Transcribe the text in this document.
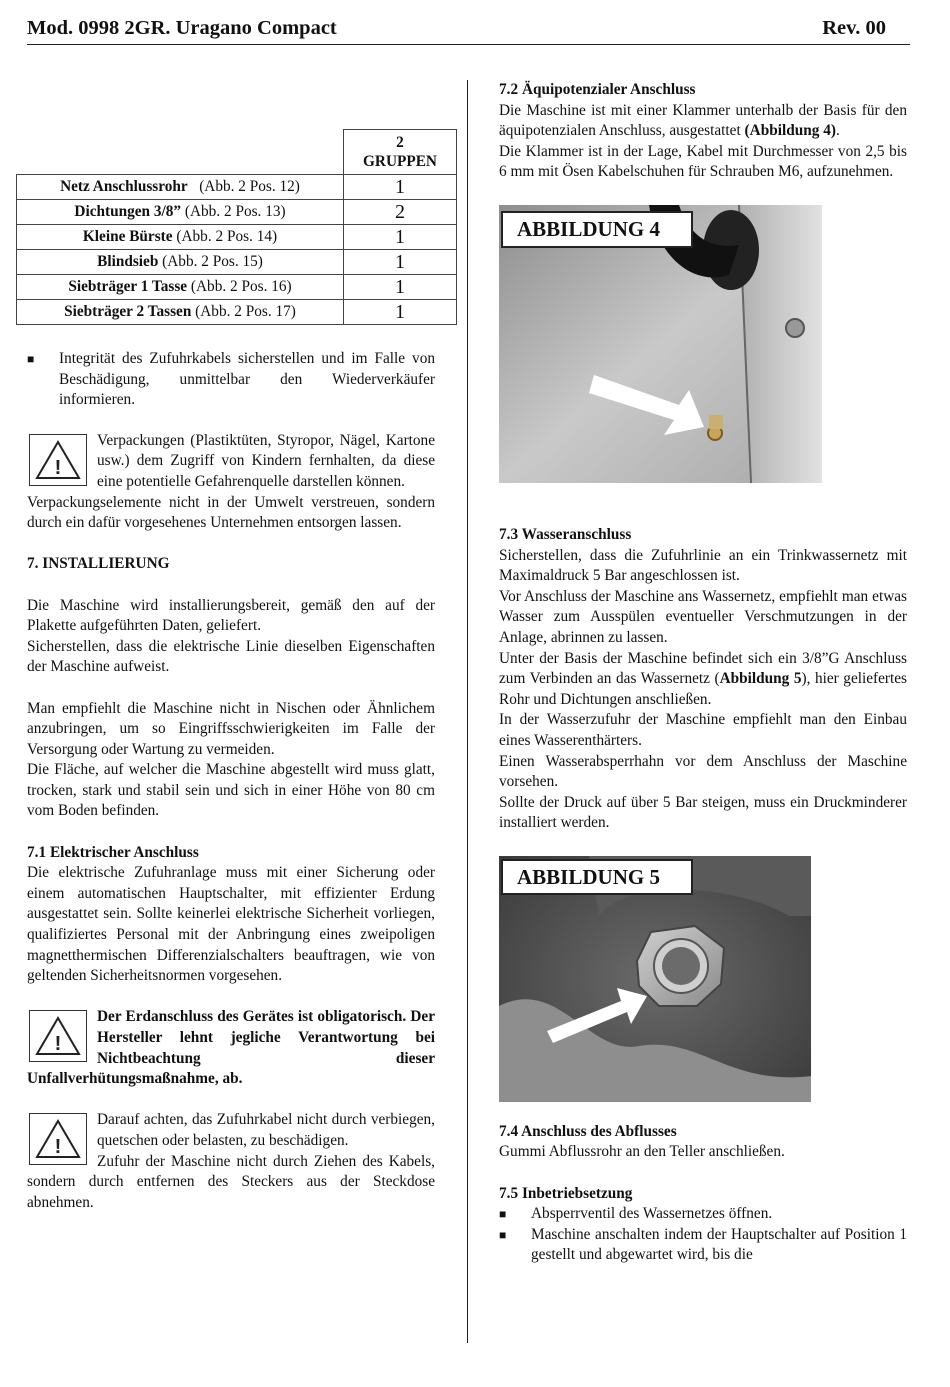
Mod. 0998 2GR. Uragano Compact	Rev. 00

	2
GRUPPEN

Netz Anschlussrohr   (Abb. 2 Pos. 12)	1
Dichtungen 3/8” (Abb. 2 Pos. 13)	2
Kleine Bürste (Abb. 2 Pos. 14)	1
Blindsieb (Abb. 2 Pos. 15)	1
Siebträger 1 Tasse (Abb. 2 Pos. 16)	1
Siebträger 2 Tassen (Abb. 2 Pos. 17)	1
■	Integrität des Zufuhrkabels sicherstellen und im Falle von Beschädigung, unmittelbar den Wiederverkäufer informieren.
!

Verpackungen (Plastiktüten, Styropor, Nägel, Kartone usw.) dem Zugriff von Kindern fernhalten, da diese eine potentielle Gefahrenquelle darstellen können.

Verpackungselemente nicht in der Umwelt verstreuen, sondern durch ein dafür vorgesehenes Unternehmen entsorgen lassen.

7. INSTALLIERUNG

Die Maschine wird installierungsbereit, gemäß den auf der Plakette aufgeführten Daten, geliefert.

Sicherstellen, dass die elektrische Linie dieselben Eigenschaften der Maschine aufweist.

Man empfiehlt die Maschine nicht in Nischen oder Ähnlichem anzubringen, um so Eingriffsschwierigkeiten im Falle der Versorgung oder Wartung zu vermeiden.

Die Fläche, auf welcher die Maschine abgestellt wird muss glatt, trocken, stark und stabil sein und sich in einer Höhe von 80 cm vom Boden befinden.

7.1 Elektrischer Anschluss

Die elektrische Zufuhranlage muss mit einer Sicherung oder einem automatischen Hauptschalter, mit effizienter Erdung ausgestattet sein. Sollte keinerlei elektrische Sicherheit vorliegen, qualifiziertes Personal mit der Anbringung eines zweipoligen magnetthermischen Differenzialschalters beauftragen, wie von geltenden Sicherheitsnormen vorgesehen.

!

Der Erdanschluss des Gerätes ist obligatorisch. Der Hersteller lehnt jegliche Verantwortung bei Nichtbeachtung dieser Unfallverhütungsmaßnahme, ab.

!

Darauf achten, das Zufuhrkabel nicht durch verbiegen, quetschen oder belasten, zu beschädigen.

Zufuhr der Maschine nicht durch Ziehen des Kabels, sondern durch entfernen des Steckers aus der Steckdose abnehmen.

7.2 Äquipotenzialer Anschluss

Die Maschine ist mit einer Klammer unterhalb der Basis für den äquipotenzialen Anschluss, ausgestattet (Abbildung 4).

Die Klammer ist in der Lage, Kabel mit Durchmesser von 2,5 bis 6 mm mit Ösen Kabelschuhen für Schrauben M6, aufzunehmen.

ABBILDUNG 4

7.3 Wasseranschluss

Sicherstellen, dass die Zufuhrlinie an ein Trinkwassernetz mit Maximaldruck 5 Bar angeschlossen ist.

Vor Anschluss der Maschine ans Wassernetz, empfiehlt man etwas Wasser zum Ausspülen eventueller Verschmutzungen in der Anlage, abrinnen zu lassen.

Unter der Basis der Maschine befindet sich ein 3/8”G Anschluss zum Verbinden an das Wassernetz (Abbildung 5), hier geliefertes Rohr und Dichtungen anschließen.

In der Wasserzufuhr der Maschine empfiehlt man den Einbau eines Wasserenthärters.

Einen Wasserabsperrhahn vor dem Anschluss der Maschine vorsehen.

Sollte der Druck auf über 5 Bar steigen, muss ein Druckminderer installiert werden.

ABBILDUNG 5

7.4 Anschluss des Abflusses

Gummi Abflussrohr an den Teller anschließen.

7.5 Inbetriebsetzung

■	Absperrventil des Wassernetzes öffnen.
■	Maschine anschalten indem der Hauptschalter auf Position 1 gestellt und abgewartet wird, bis die
